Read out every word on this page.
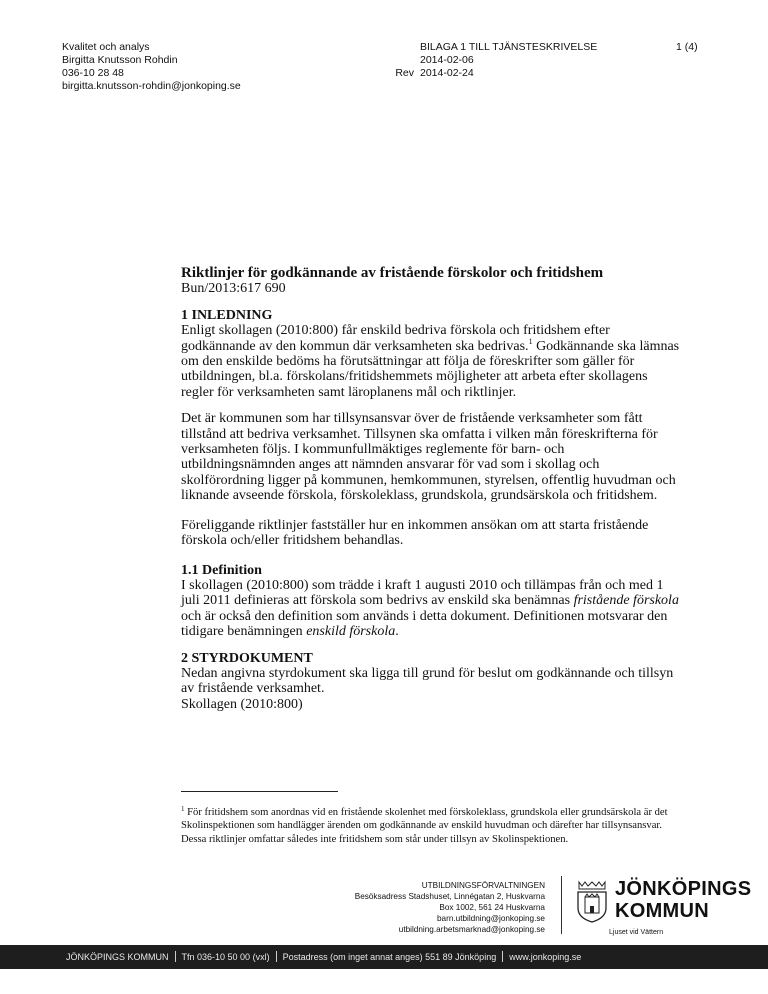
Kvalitet och analys
Birgitta Knutsson Rohdin
036-10 28 48
birgitta.knutsson-rohdin@jonkoping.se
BILAGA 1 TILL TJÄNSTESKRIVELSE
2014-02-06
Rev 2014-02-24
1 (4)
Riktlinjer för godkännande av fristående förskolor och fritidshem
Bun/2013:617 690
1 INLEDNING
Enligt skollagen (2010:800) får enskild bedriva förskola och fritidshem efter godkännande av den kommun där verksamheten ska bedrivas.$^1$ Godkännande ska lämnas om den enskilde bedöms ha förutsättningar att följa de föreskrifter som gäller för utbildningen, bl.a. förskolans/fritidshemmets möjligheter att arbeta efter skollagens regler för verksamheten samt läroplanens mål och riktlinjer.
Det är kommunen som har tillsynsansvar över de fristående verksamheter som fått tillstånd att bedriva verksamhet. Tillsynen ska omfatta i vilken mån föreskrifterna för verksamheten följs. I kommunfullmäktiges reglemente för barn- och utbildningsnämnden anges att nämnden ansvarar för vad som i skollag och skolförordning ligger på kommunen, hemkommunen, styrelsen, offentlig huvudman och liknande avseende förskola, förskoleklass, grundskola, grundsärskola och fritidshem.
Föreliggande riktlinjer fastställer hur en inkommen ansökan om att starta fristående förskola och/eller fritidshem behandlas.
1.1 Definition
I skollagen (2010:800) som trädde i kraft 1 augusti 2010 och tillämpas från och med 1 juli 2011 definieras att förskola som bedrivs av enskild ska benämnas fristående förskola och är också den definition som används i detta dokument. Definitionen motsvarar den tidigare benämningen enskild förskola.
2 STYRDOKUMENT
Nedan angivna styrdokument ska ligga till grund för beslut om godkännande och tillsyn av fristående verksamhet.
Skollagen (2010:800)
$^1$ För fritidshem som anordnas vid en fristående skolenhet med förskoleklass, grundskola eller grundsärskola är det Skolinspektionen som handlägger ärenden om godkännande av enskild huvudman och därefter har tillsynsansvar. Dessa riktlinjer omfattar således inte fritidshem som står under tillsyn av Skolinspektionen.
UTBILDNINGSFÖRVALTNINGEN
Besöksadress Stadshuset, Linnégatan 2, Huskvarna
Box 1002, 561 24 Huskvarna
barn.utbildning@jonkoping.se
utbildning.arbetsmarknad@jonkoping.se
JÖNKÖPINGS
KOMMUN
Ljuset vid Vättern
JÖNKÖPINGS KOMMUN Tfn 036-10 50 00 (vxl) Postadress (om inget annat anges) 551 89 Jönköping www.jonkoping.se
